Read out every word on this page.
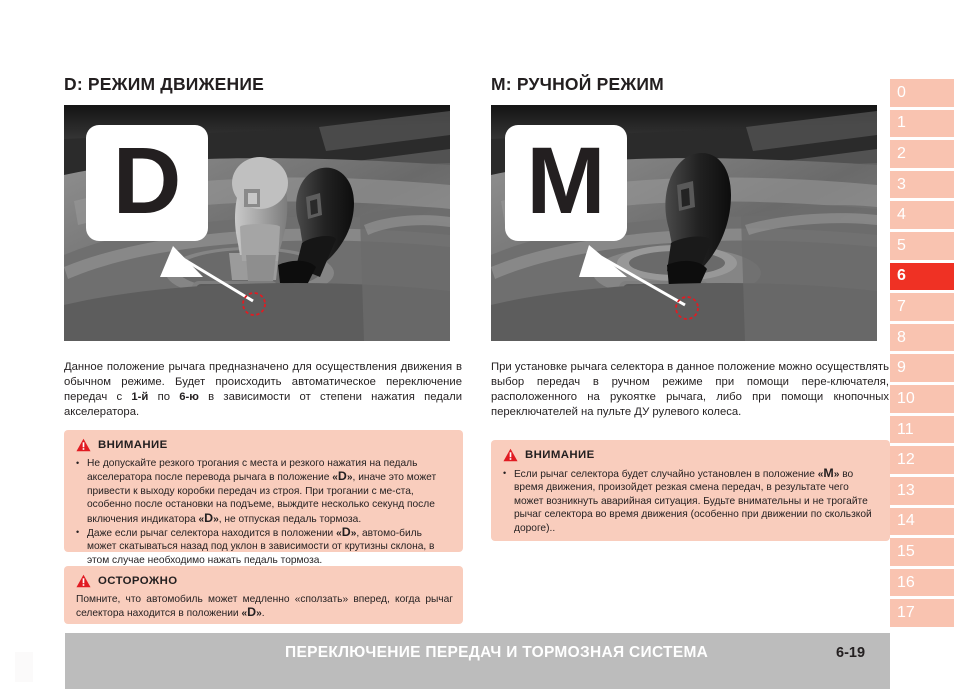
D: РЕЖИМ ДВИЖЕНИЕ
D
Данное положение рычага предназначено для осуществления движения в обычном режиме. Будет происходить автоматическое переключение передач с 1-й по 6-ю в зависимости от степени нажатия педали акселератора.
ВНИМАНИЕ
• Не допускайте резкого трогания с места и резкого нажатия на педаль акселератора после перевода рычага в положение «D», иначе это может привести к выходу коробки передач из строя. При трогании с ме-ста, особенно после остановки на подъеме, выждите несколько секунд после включения индикатора «D», не отпуская педаль тормоза.
• Даже если рычаг селектора находится в положении «D», автомо-биль может скатываться назад под уклон в зависимости от крутизны склона, в этом случае необходимо нажать педаль тормоза.
ОСТОРОЖНО

Помните, что автомобиль может медленно «сползать» вперед, когда рычаг селектора находится в положении «D».

M: РУЧНОЙ РЕЖИМ
M
При установке рычага селектора в данное положение можно осуществлять выбор передач в ручном режиме при помощи пере-ключателя, расположенного на рукоятке рычага, либо при помощи кнопочных переключателей на пульте ДУ рулевого колеса.
ВНИМАНИЕ
• Если рычаг селектора будет случайно установлен в положение «M» во время движения, произойдет резкая смена передач, в результате чего может возникнуть аварийная ситуация. Будьте внимательны и не трогайте рычаг селектора во время движения (особенно при движении по скользкой дороге)..
0
1
2
3
4
5
6
7
8
9
10
11
12
13
14
15
16
17
ПЕРЕКЛЮЧЕНИЕ ПЕРЕДАЧ И ТОРМОЗНАЯ СИСТЕМА	6-19
